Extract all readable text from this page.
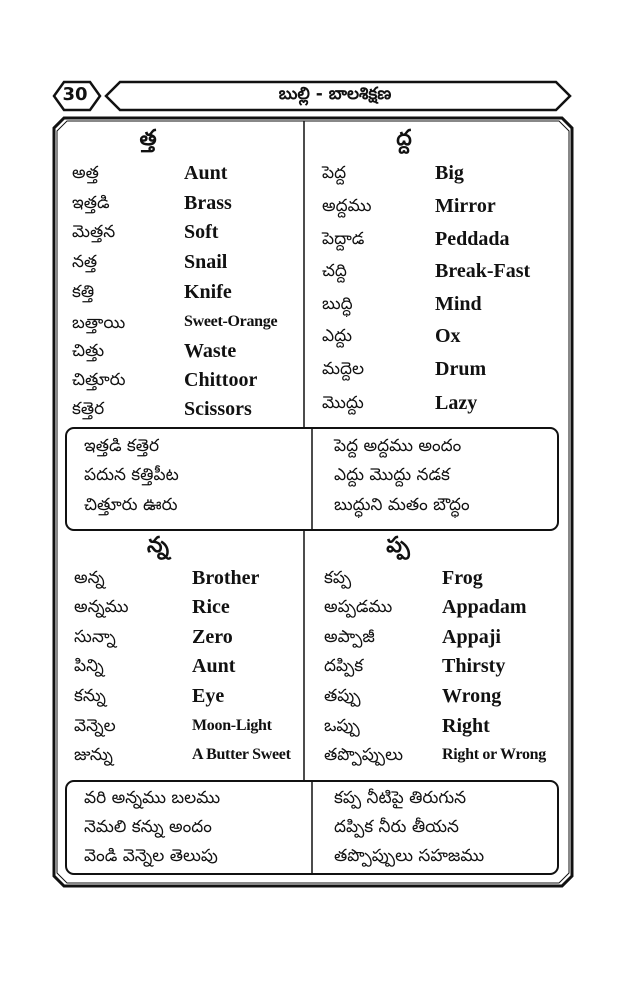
30	బుల్లి - బాలశిక్షణ
త్త
అత్త	Aunt
ఇత్తడి	Brass
మెత్తన	Soft
నత్త	Snail
కత్తి	Knife
బత్తాయి	Sweet-Orange
చిత్తు	Waste
చిత్తూరు	Chittoor
కత్తెర	Scissors
ద్ద
పెద్ద	Big
అద్దము	Mirror
పెద్దాడ	Peddada
చద్ది	Break-Fast
బుద్ధి	Mind
ఎద్దు	Ox
మద్దెల	Drum
మొద్దు	Lazy
ఇత్తడి కత్తెర
పదున కత్తిపీట
చిత్తూరు ఊరు
పెద్ద అద్దము అందం
ఎద్దు మొద్దు నడక
బుద్ధుని మతం బౌద్ధం
న్న
అన్న	Brother
అన్నము	Rice
సున్నా	Zero
పిన్ని	Aunt
కన్ను	Eye
వెన్నెల	Moon-Light
జున్ను	A Butter Sweet
ప్ప
కప్ప	Frog
అప్పడము Appadam
అప్పాజీ	Appaji
దప్పిక	Thirsty
తప్పు	Wrong
ఒప్పు	Right
తప్పొప్పులు Right or Wrong
వరి అన్నము బలము
నెమలి కన్ను అందం
వెండి వెన్నెల తెలుపు
కప్ప నీటిపై తిరుగున
దప్పిక నీరు తీయన
తప్పొప్పులు సహజము
